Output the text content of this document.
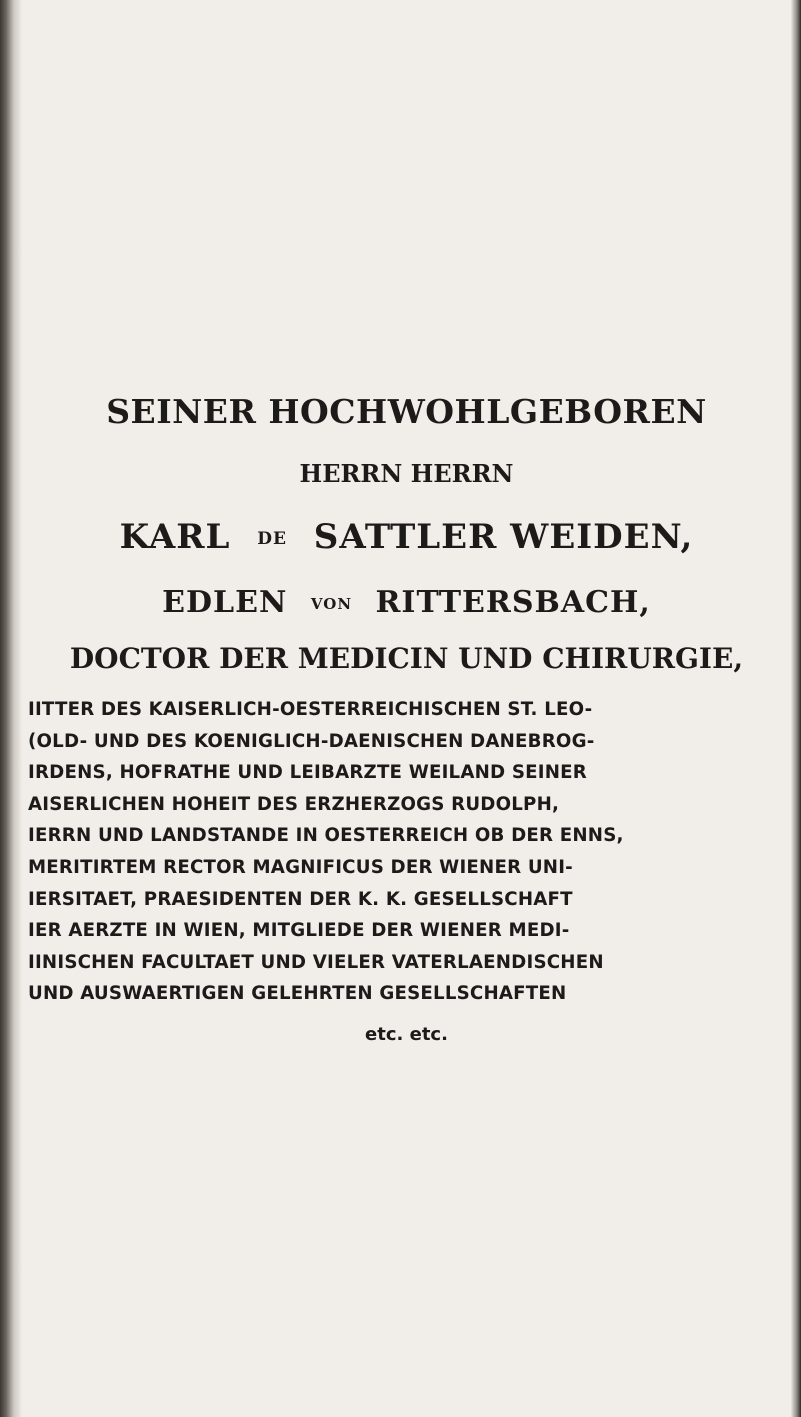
SEINER HOCHWOHLGEBOREN
HERRN HERRN
KARL DE SATTLER WEIDEN,
EDLEN VON RITTERSBACH,
DOCTOR DER MEDICIN UND CHIRURGIE,
IITTER DES KAISERLICH-OESTERREICHISCHEN ST. LEO-
(OLD- UND DES KOENIGLICH-DAENISCHEN DANEBROG-
IRDENS, HOFRATHE UND LEIBARZTE WEILAND SEINER
AISERLICHEN HOHEIT DES ERZHERZOGS RUDOLPH,
IERRN UND LANDSTANDE IN OESTERREICH OB DER ENNS,
MERITIRTEM RECTOR MAGNIFICUS DER WIENER UNI-
IERSITAET, PRAESIDENTEN DER K. K. GESELLSCHAFT
IER AERZTE IN WIEN, MITGLIEDE DER WIENER MEDI-
IINISCHEN FACULTAET UND VIELER VATERLAENDISCHEN
UND AUSWAERTIGEN GELEHRTEN GESELLSCHAFTEN
etc. etc.
